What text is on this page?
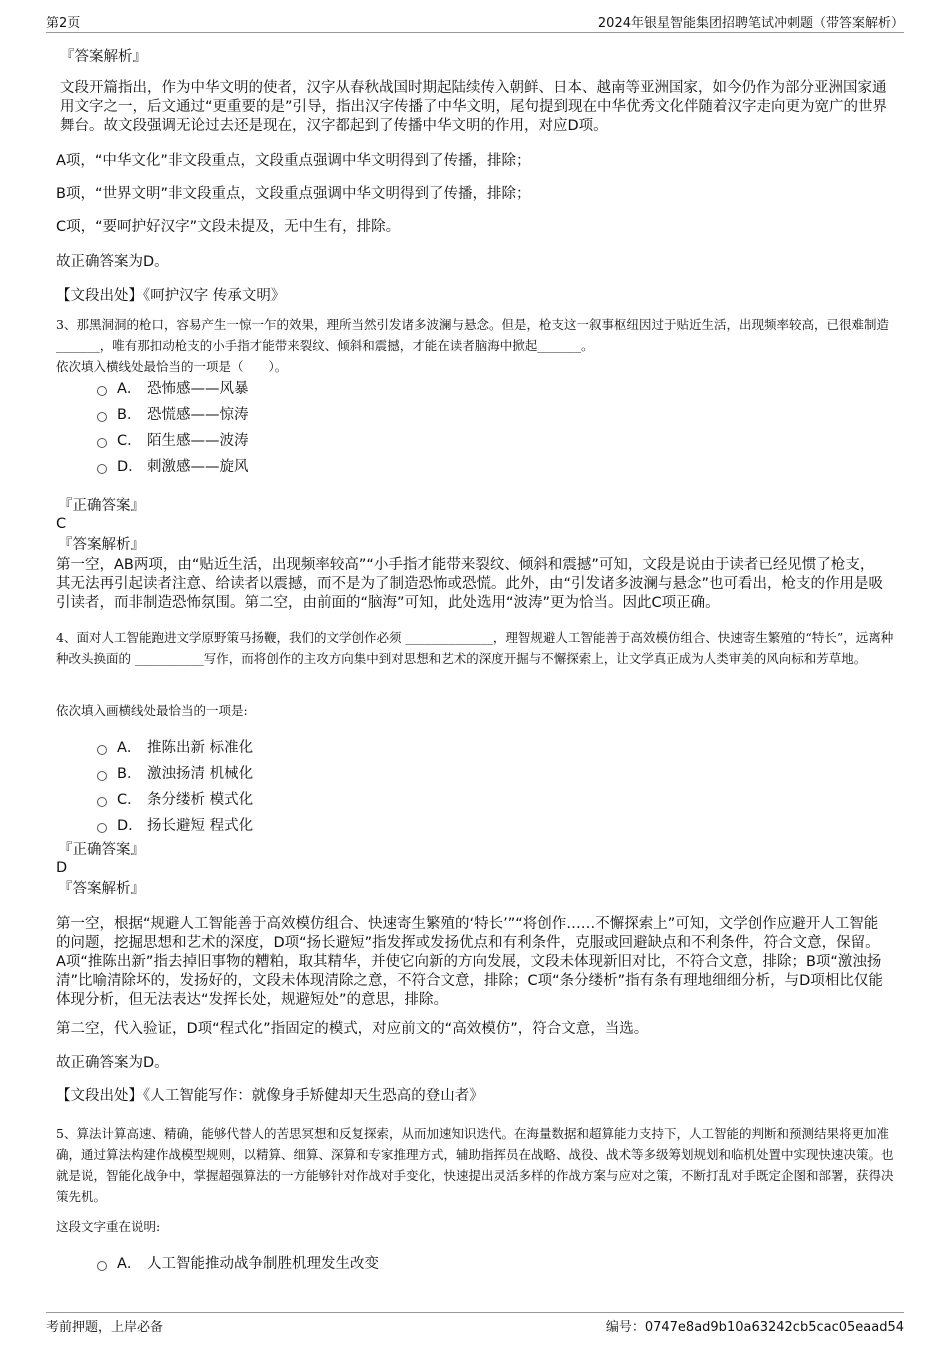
第2页	2024年银星智能集团招聘笔试冲刺题（带答案解析）
『答案解析』
文段开篇指出，作为中华文明的使者，汉字从春秋战国时期起陆续传入朝鲜、日本、越南等亚洲国家，如今仍作为部分亚洲国家通用文字之一，后文通过“更重要的是”引导，指出汉字传播了中华文明，尾句提到现在中华优秀文化伴随着汉字走向更为宽广的世界舞台。故文段强调无论过去还是现在，汉字都起到了传播中华文明的作用，对应D项。
A项，“中华文化”非文段重点，文段重点强调中华文明得到了传播，排除；
B项，“世界文明”非文段重点，文段重点强调中华文明得到了传播，排除；
C项，“要呵护好汉字”文段未提及，无中生有，排除。
故正确答案为D。
【文段出处】《呵护汉字 传承文明》
3、那黑洞洞的枪口，容易产生一惊一乍的效果，理所当然引发诸多波澜与悬念。但是，枪支这一叙事枢纽因过于贴近生活，出现频率较高，已很难制造_______，唯有那扣动枪支的小手指才能带来裂纹、倾斜和震撼，才能在读者脑海中掀起_______。
依次填入横线处最恰当的一项是（　　）。
A． 恐怖感——风暴
B． 恐慌感——惊涛
C． 陌生感——波涛
D． 刺激感——旋风
『正确答案』
C
『答案解析』
第一空，AB两项，由“贴近生活，出现频率较高”“小手指才能带来裂纹、倾斜和震撼”可知，文段是说由于读者已经见惯了枪支，其无法再引起读者注意、给读者以震撼，而不是为了制造恐怖或恐慌。此外，由“引发诸多波澜与悬念”也可看出，枪支的作用是吸引读者，而非制造恐怖氛围。第二空，由前面的“脑海”可知，此处选用“波涛”更为恰当。因此C项正确。
4、面对人工智能跑进文学原野策马扬鞭，我们的文学创作必须 ______________，理智规避人工智能善于高效模仿组合、快速寄生繁殖的“特长”，远离种种改头换面的 ___________写作，而将创作的主攻方向集中到对思想和艺术的深度开掘与不懈探索上，让文学真正成为人类审美的风向标和芳草地。
依次填入画横线处最恰当的一项是:
A． 推陈出新 标准化
B． 激浊扬清 机械化
C． 条分缕析 模式化
D． 扬长避短 程式化
『正确答案』
D
『答案解析』
第一空，根据“规避人工智能善于高效模仿组合、快速寄生繁殖的‘特长’”“将创作……不懈探索上”可知，文学创作应避开人工智能的问题，挖掘思想和艺术的深度，D项“扬长避短”指发挥或发扬优点和有利条件，克服或回避缺点和不利条件，符合文意，保留。A项“推陈出新”指去掉旧事物的糟粕，取其精华，并使它向新的方向发展，文段未体现新旧对比，不符合文意，排除；B项“激浊扬清”比喻清除坏的，发扬好的，文段未体现清除之意，不符合文意，排除；C项“条分缕析”指有条有理地细细分析，与D项相比仅能体现分析，但无法表达“发挥长处，规避短处”的意思，排除。
第二空，代入验证，D项“程式化”指固定的模式，对应前文的“高效模仿”，符合文意，当选。
故正确答案为D。
【文段出处】《人工智能写作：就像身手矫健却天生恐高的登山者》
5、算法计算高速、精确，能够代替人的苦思冥想和反复探索，从而加速知识迭代。在海量数据和超算能力支持下，人工智能的判断和预测结果将更加准确，通过算法构建作战模型规则，以精算、细算、深算和专家推理方式，辅助指挥员在战略、战役、战术等多级筹划规划和临机处置中实现快速决策。也就是说，智能化战争中，掌握超强算法的一方能够针对作战对手变化，快速提出灵活多样的作战方案与应对之策，不断打乱对手既定企图和部署，获得决策先机。
这段文字重在说明:
A． 人工智能推动战争制胜机理发生改变
考前押题，上岸必备	编号：0747e8ad9b10a63242cb5cac05eaad54
